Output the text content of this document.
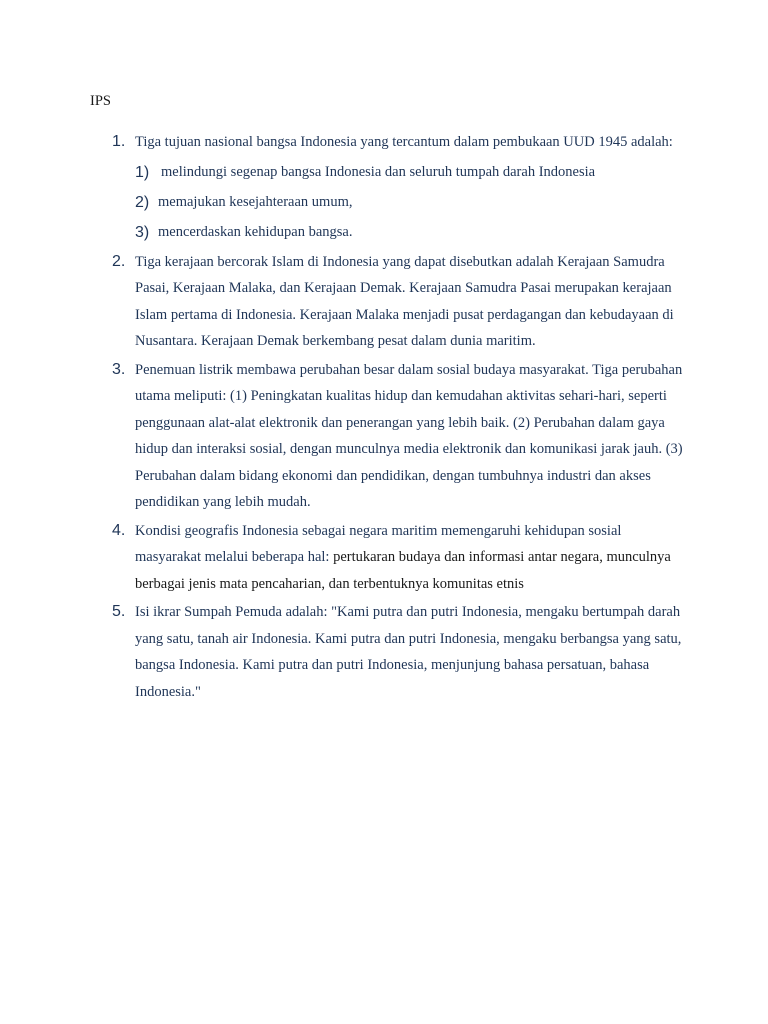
IPS
1. Tiga tujuan nasional bangsa Indonesia yang tercantum dalam pembukaan UUD 1945 adalah:

1) melindungi segenap bangsa Indonesia dan seluruh tumpah darah Indonesia
2) memajukan kesejahteraan umum,
3) mencerdaskan kehidupan bangsa.
2. Tiga kerajaan bercorak Islam di Indonesia yang dapat disebutkan adalah Kerajaan Samudra Pasai, Kerajaan Malaka, dan Kerajaan Demak. Kerajaan Samudra Pasai merupakan kerajaan Islam pertama di Indonesia. Kerajaan Malaka menjadi pusat perdagangan dan kebudayaan di Nusantara. Kerajaan Demak berkembang pesat dalam dunia maritim.

3. Penemuan listrik membawa perubahan besar dalam sosial budaya masyarakat. Tiga perubahan utama meliputi: (1) Peningkatan kualitas hidup dan kemudahan aktivitas sehari-hari, seperti penggunaan alat-alat elektronik dan penerangan yang lebih baik. (2) Perubahan dalam gaya hidup dan interaksi sosial, dengan munculnya media elektronik dan komunikasi jarak jauh. (3) Perubahan dalam bidang ekonomi dan pendidikan, dengan tumbuhnya industri dan akses pendidikan yang lebih mudah.

4. Kondisi geografis Indonesia sebagai negara maritim memengaruhi kehidupan sosial masyarakat melalui beberapa hal: pertukaran budaya dan informasi antar negara, munculnya berbagai jenis mata pencaharian, dan terbentuknya komunitas etnis

5. Isi ikrar Sumpah Pemuda adalah: "Kami putra dan putri Indonesia, mengaku bertumpah darah yang satu, tanah air Indonesia. Kami putra dan putri Indonesia, mengaku berbangsa yang satu, bangsa Indonesia. Kami putra dan putri Indonesia, menjunjung bahasa persatuan, bahasa Indonesia."
